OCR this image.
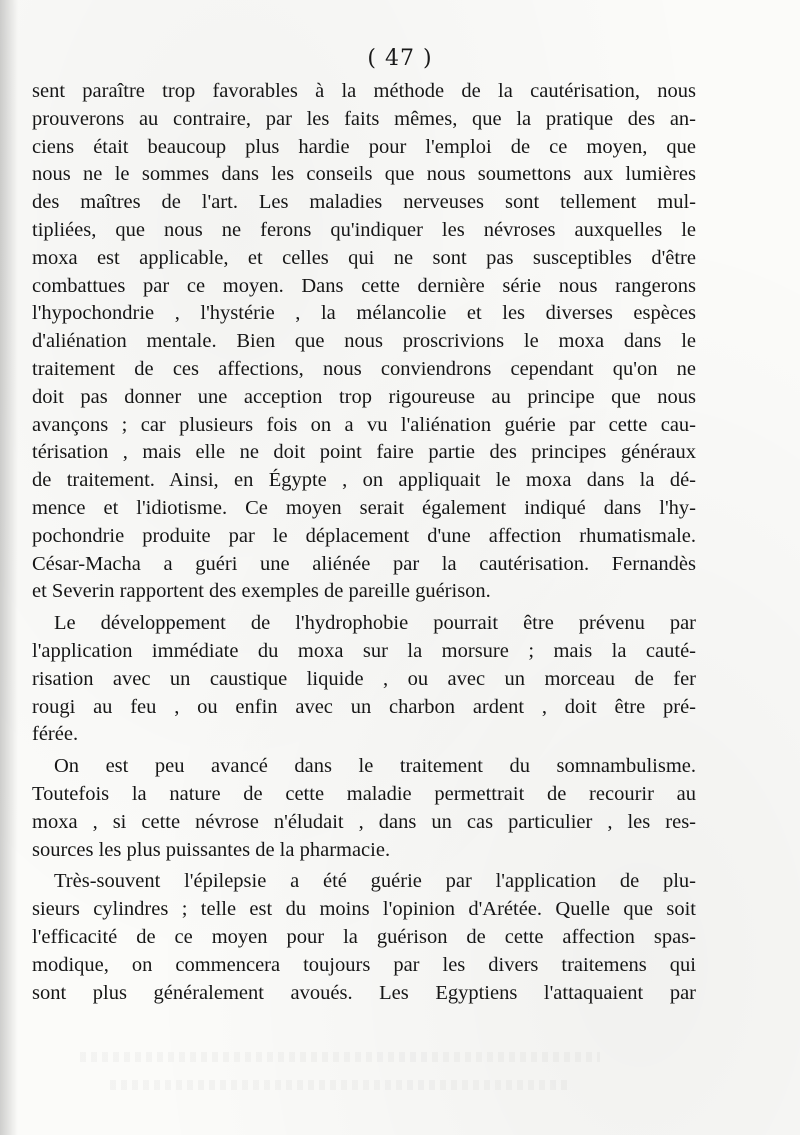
( 47 )
sent paraître trop favorables à la méthode de la cautérisation, nous
prouverons au contraire, par les faits mêmes, que la pratique des an-
ciens était beaucoup plus hardie pour l'emploi de ce moyen, que
nous ne le sommes dans les conseils que nous soumettons aux lumières
des maîtres de l'art. Les maladies nerveuses sont tellement mul-
tipliées, que nous ne ferons qu'indiquer les névroses auxquelles le
moxa est applicable, et celles qui ne sont pas susceptibles d'être
combattues par ce moyen. Dans cette dernière série nous rangerons
l'hypochondrie , l'hystérie , la mélancolie et les diverses espèces
d'aliénation mentale. Bien que nous proscrivions le moxa dans le
traitement de ces affections, nous conviendrons cependant qu'on ne
doit pas donner une acception trop rigoureuse au principe que nous
avançons ; car plusieurs fois on a vu l'aliénation guérie par cette cau-
térisation , mais elle ne doit point faire partie des principes généraux
de traitement. Ainsi, en Égypte , on appliquait le moxa dans la dé-
mence et l'idiotisme. Ce moyen serait également indiqué dans l'hy-
pochondrie produite par le déplacement d'une affection rhumatismale.
César-Macha a guéri une aliénée par la cautérisation. Fernandès
et Severin rapportent des exemples de pareille guérison.
Le développement de l'hydrophobie pourrait être prévenu par
l'application immédiate du moxa sur la morsure ; mais la cauté-
risation avec un caustique liquide , ou avec un morceau de fer
rougi au feu , ou enfin avec un charbon ardent , doit être pré-
férée.
On est peu avancé dans le traitement du somnambulisme.
Toutefois la nature de cette maladie permettrait de recourir au
moxa , si cette névrose n'éludait , dans un cas particulier , les res-
sources les plus puissantes de la pharmacie.
Très-souvent l'épilepsie a été guérie par l'application de plu-
sieurs cylindres ; telle est du moins l'opinion d'Arétée. Quelle que soit
l'efficacité de ce moyen pour la guérison de cette affection spas-
modique, on commencera toujours par les divers traitemens qui
sont plus généralement avoués. Les Egyptiens l'attaquaient par
